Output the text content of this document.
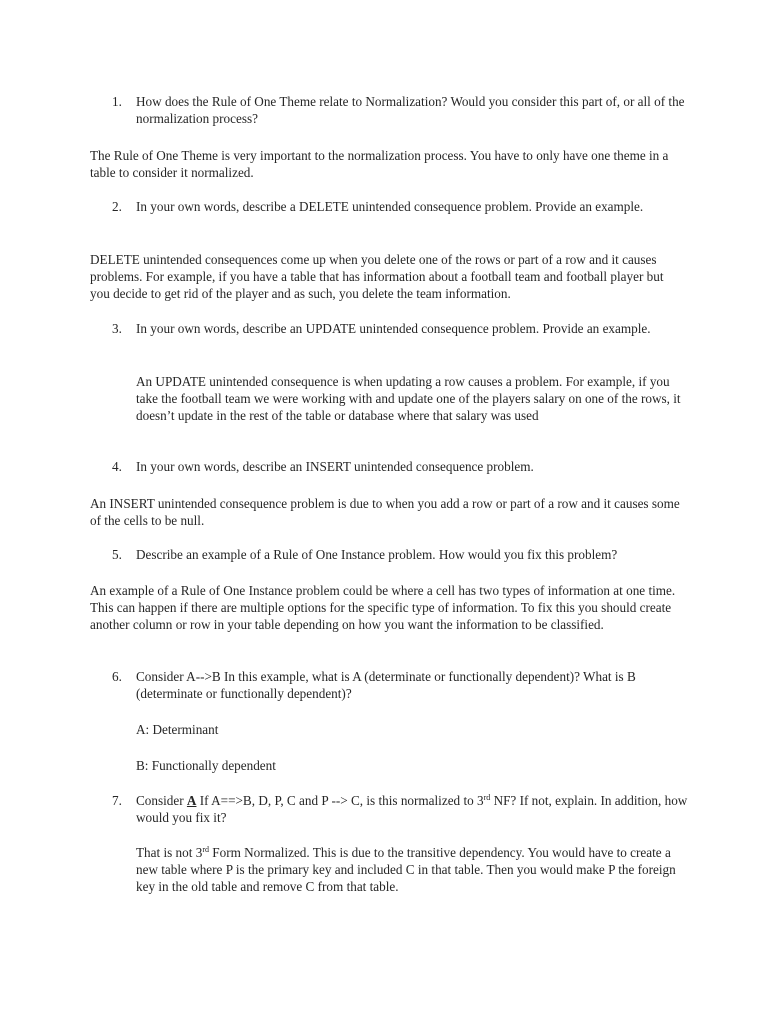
1.	How does the Rule of One Theme relate to Normalization? Would you consider this part of, or all of the normalization process?
The Rule of One Theme is very important to the normalization process. You have to only have one theme in a table to consider it normalized.
2.	In your own words, describe a DELETE unintended consequence problem. Provide an example.
DELETE unintended consequences come up when you delete one of the rows or part of a row and it causes problems. For example, if you have a table that has information about a football team and football player but you decide to get rid of the player and as such, you delete the team information.
3.	In your own words, describe an UPDATE unintended consequence problem. Provide an example.
An UPDATE unintended consequence is when updating a row causes a problem. For example, if you take the football team we were working with and update one of the players salary on one of the rows, it doesn’t update in the rest of the table or database where that salary was used
4.	In your own words, describe an INSERT unintended consequence problem.
An INSERT unintended consequence problem is due to when you add a row or part of a row and it causes some of the cells to be null.
5.	Describe an example of a Rule of One Instance problem. How would you fix this problem?
An example of a Rule of One Instance problem could be where a cell has two types of information at one time. This can happen if there are multiple options for the specific type of information. To fix this you should create another column or row in your table depending on how you want the information to be classified.
6.	Consider A-->B In this example, what is A (determinate or functionally dependent)? What is B (determinate or functionally dependent)?
A: Determinant
B: Functionally dependent
7.	Consider A If A==>B, D, P, C and P --> C, is this normalized to 3rd NF? If not, explain. In addition, how would you fix it?
That is not 3rd Form Normalized. This is due to the transitive dependency. You would have to create a new table where P is the primary key and included C in that table. Then you would make P the foreign key in the old table and remove C from that table.
